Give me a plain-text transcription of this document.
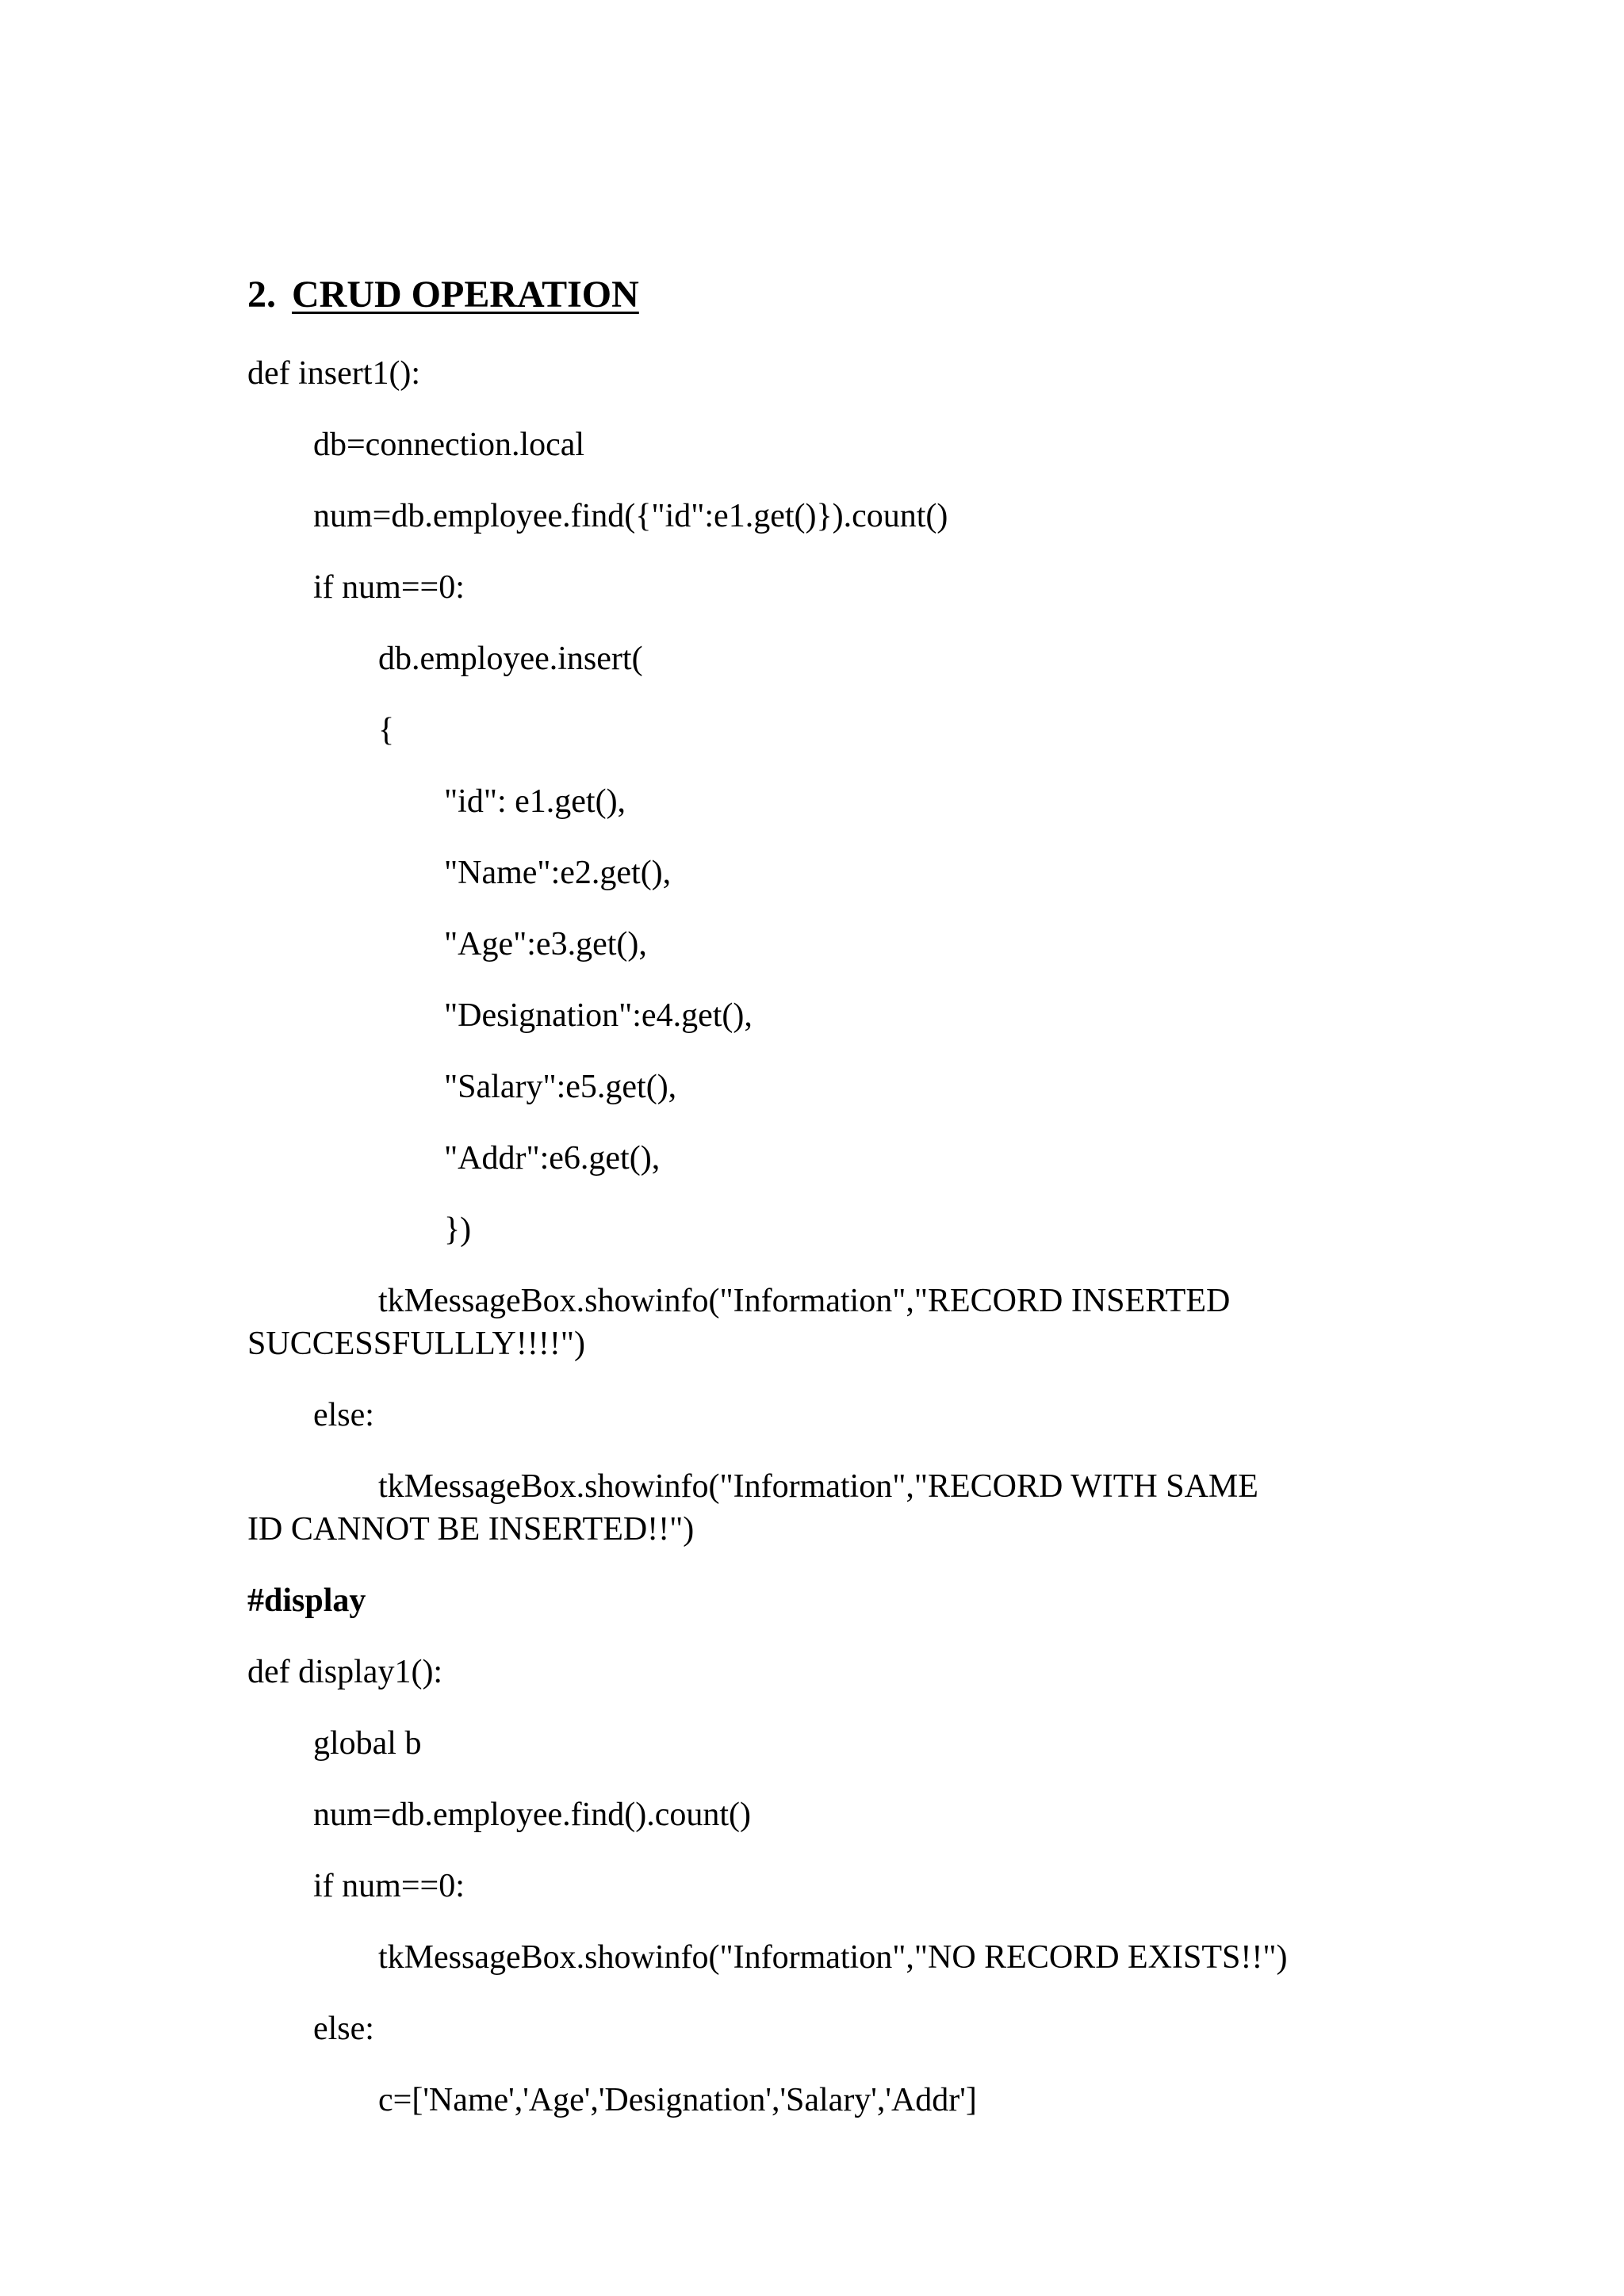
2. CRUD OPERATION
def insert1():
db=connection.local
num=db.employee.find({"id":e1.get()}).count()
if num==0:
db.employee.insert(
{
"id": e1.get(),
"Name":e2.get(),
"Age":e3.get(),
"Designation":e4.get(),
"Salary":e5.get(),
"Addr":e6.get(),
})
tkMessageBox.showinfo("Information","RECORD INSERTED SUCCESSFULLLY!!!!")
else:
tkMessageBox.showinfo("Information","RECORD WITH SAME ID CANNOT BE INSERTED!!")
#display
def display1():
global b
num=db.employee.find().count()
if num==0:
tkMessageBox.showinfo("Information","NO RECORD EXISTS!!")
else:
c=['Name','Age','Designation','Salary','Addr']
